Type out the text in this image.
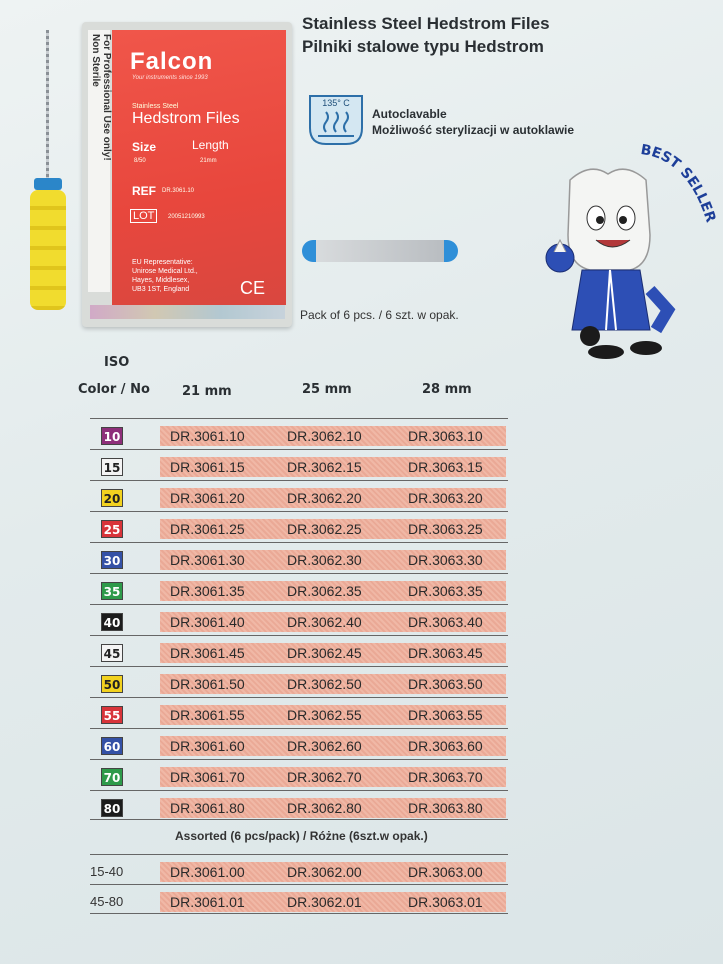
For Professional Use only!
Non Sterile	Falcon
Your instruments since 1993
Stainless Steel
Hedstrom Files
Size	Length
8/50	21mm
REF DR.3061.10
LOT	20051210993
EU Representative:
Unirose Medical Ltd.,
Hayes, Middlesex,
UB3 1ST, England	CE
Stainless Steel Hedstrom Files
Pilniki stalowe typu Hedstrom
135° C
Autoclavable
Możliwość sterylizacji w autoklawie
Pack of 6 pcs. / 6 szt. w opak.
BEST SELLER
ISO
Color / No 21 mm	25 mm	28 mm
10	DR.3061.10	DR.3062.10	DR.3063.10
15	DR.3061.15	DR.3062.15	DR.3063.15
20	DR.3061.20	DR.3062.20	DR.3063.20
25	DR.3061.25	DR.3062.25	DR.3063.25
30	DR.3061.30	DR.3062.30	DR.3063.30
35	DR.3061.35	DR.3062.35	DR.3063.35
40	DR.3061.40	DR.3062.40	DR.3063.40
45	DR.3061.45	DR.3062.45	DR.3063.45
50	DR.3061.50	DR.3062.50	DR.3063.50
55	DR.3061.55	DR.3062.55	DR.3063.55
60	DR.3061.60	DR.3062.60	DR.3063.60
70	DR.3061.70	DR.3062.70	DR.3063.70
80	DR.3061.80	DR.3062.80	DR.3063.80
15-40	DR.3061.00	DR.3062.00	DR.3063.00
45-80	DR.3061.01	DR.3062.01	DR.3063.01
Assorted (6 pcs/pack) / Różne (6szt.w opak.)
